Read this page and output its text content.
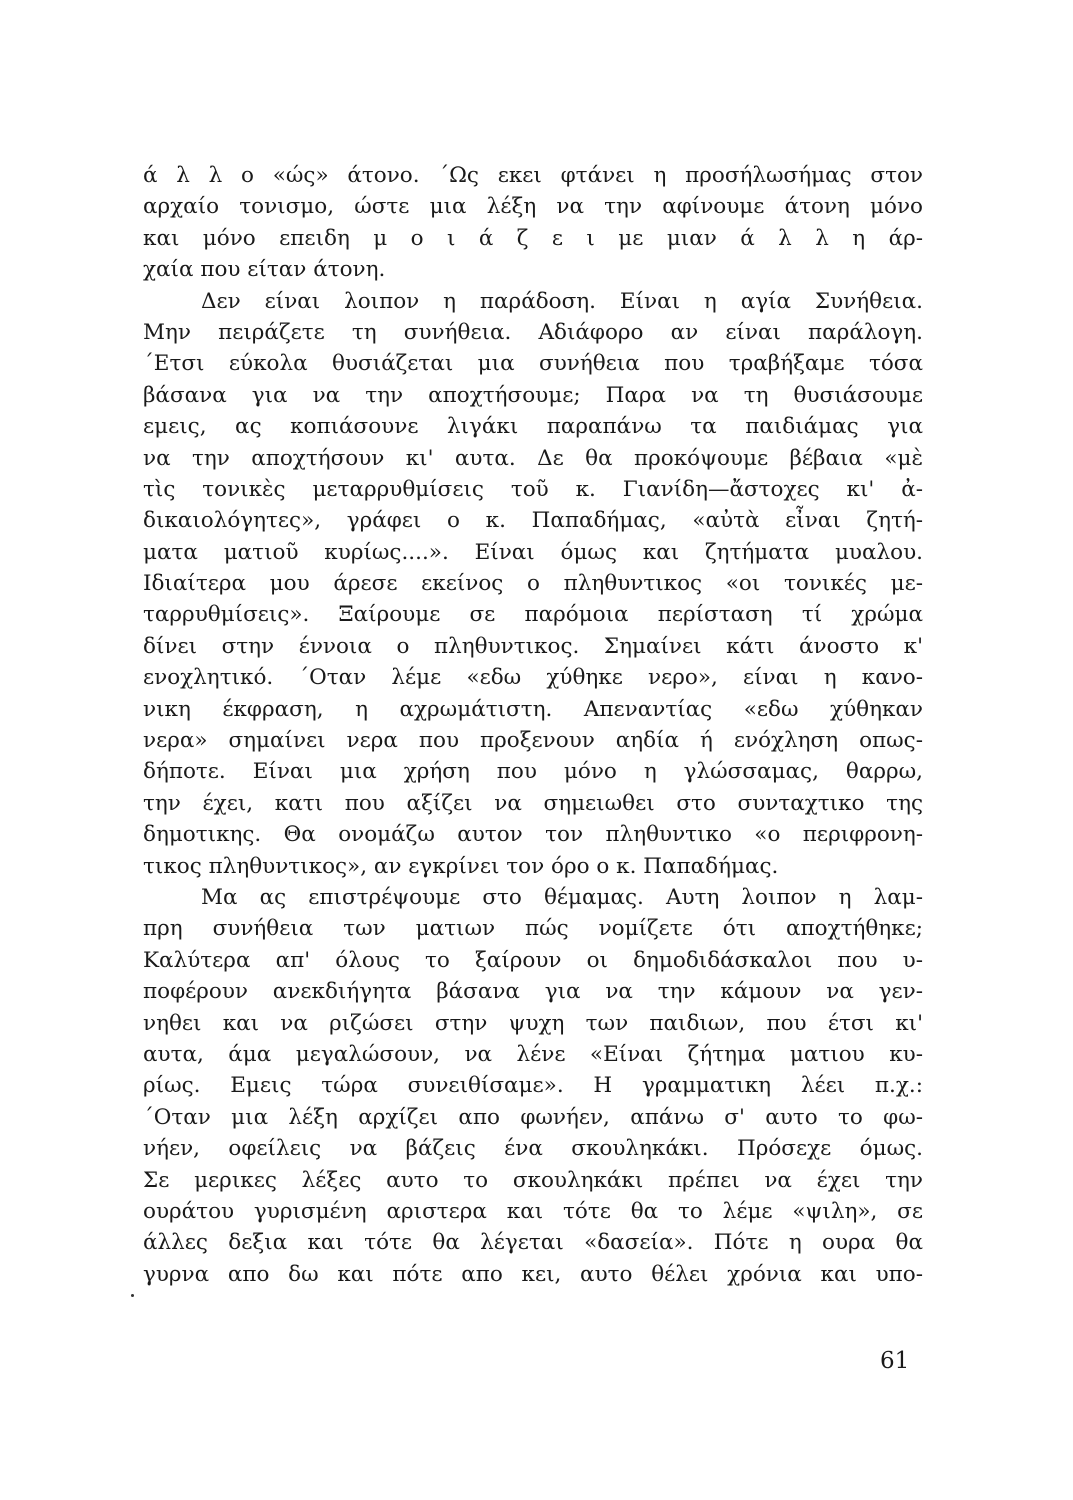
ά λ λ ο «ώς» άτονο. ΄Ως εκει φτάνει η προσήλωσήμας στον
αρχαίο τονισμο, ώστε μια λέξη να την αφίνουμε άτονη μόνο
και μόνο επειδη μ ο ι ά ζ ε ι με μιαν ά λ λ η άρ-
χαία που είταν άτονη.
Δεν είναι λοιπον η παράδοση. Είναι η αγία Συνήθεια.
Μην πειράζετε τη συνήθεια. Αδιάφορο αν είναι παράλογη.
΄Ετσι εύκολα θυσιάζεται μια συνήθεια που τραβήξαμε τόσα
βάσανα για να την αποχτήσουμε; Παρα να τη θυσιάσουμε
εμεις, ας κοπιάσουνε λιγάκι παραπάνω τα παιδιάμας για
να την αποχτήσουν κι' αυτα. Δε θα προκόψουμε βέβαια «μὲ
τὶς τονικὲς μεταρρυθμίσεις τοῦ κ. Γιανίδη—ἄστοχες κι' ἀ-
δικαιολόγητες», γράφει ο κ. Παπαδήμας, «αὐτὰ εἶναι ζητή-
ματα ματιοῦ κυρίως....». Είναι όμως και ζητήματα μυαλου.
Ιδιαίτερα μου άρεσε εκείνος ο πληθυντικος «οι τονικές με-
ταρρυθμίσεις». Ξαίρουμε σε παρόμοια περίσταση τί χρώμα
δίνει στην έννοια ο πληθυντικος. Σημαίνει κάτι άνοστο κ'
ενοχλητικό. ΄Οταν λέμε «εδω χύθηκε νερο», είναι η κανο-
νικη έκφραση, η αχρωμάτιστη. Απεναντίας «εδω χύθηκαν
νερα» σημαίνει νερα που προξενουν αηδία ή ενόχληση οπως-
δήποτε. Είναι μια χρήση που μόνο η γλώσσαμας, θαρρω,
την έχει, κατι που αξίζει να σημειωθει στο συνταχτικο της
δημοτικης. Θα ονομάζω αυτον τον πληθυντικο «ο περιφρονη-
τικος πληθυντικος», αν εγκρίνει τον όρο ο κ. Παπαδήμας.
Μα ας επιστρέψουμε στο θέμαμας. Αυτη λοιπον η λαμ-
πρη συνήθεια των ματιων πώς νομίζετε ότι αποχτήθηκε;
Καλύτερα απ' όλους το ξαίρουν οι δημοδιδάσκαλοι που υ-
ποφέρουν ανεκδιήγητα βάσανα για να την κάμουν να γεν-
νηθει και να ριζώσει στην ψυχη των παιδιων, που έτσι κι'
αυτα, άμα μεγαλώσουν, να λένε «Είναι ζήτημα ματιου κυ-
ρίως. Εμεις τώρα συνειθίσαμε». Η γραμματικη λέει π.χ.:
΄Οταν μια λέξη αρχίζει απο φωνήεν, απάνω σ' αυτο το φω-
νήεν, οφείλεις να βάζεις ένα σκουληκάκι. Πρόσεχε όμως.
Σε μερικες λέξες αυτο το σκουληκάκι πρέπει να έχει την
ουράτου γυρισμένη αριστερα και τότε θα το λέμε «ψιλη», σε
άλλες δεξια και τότε θα λέγεται «δασεία». Πότε η ουρα θα
γυρνα απο δω και πότε απο κει, αυτο θέλει χρόνια και υπο-
61
